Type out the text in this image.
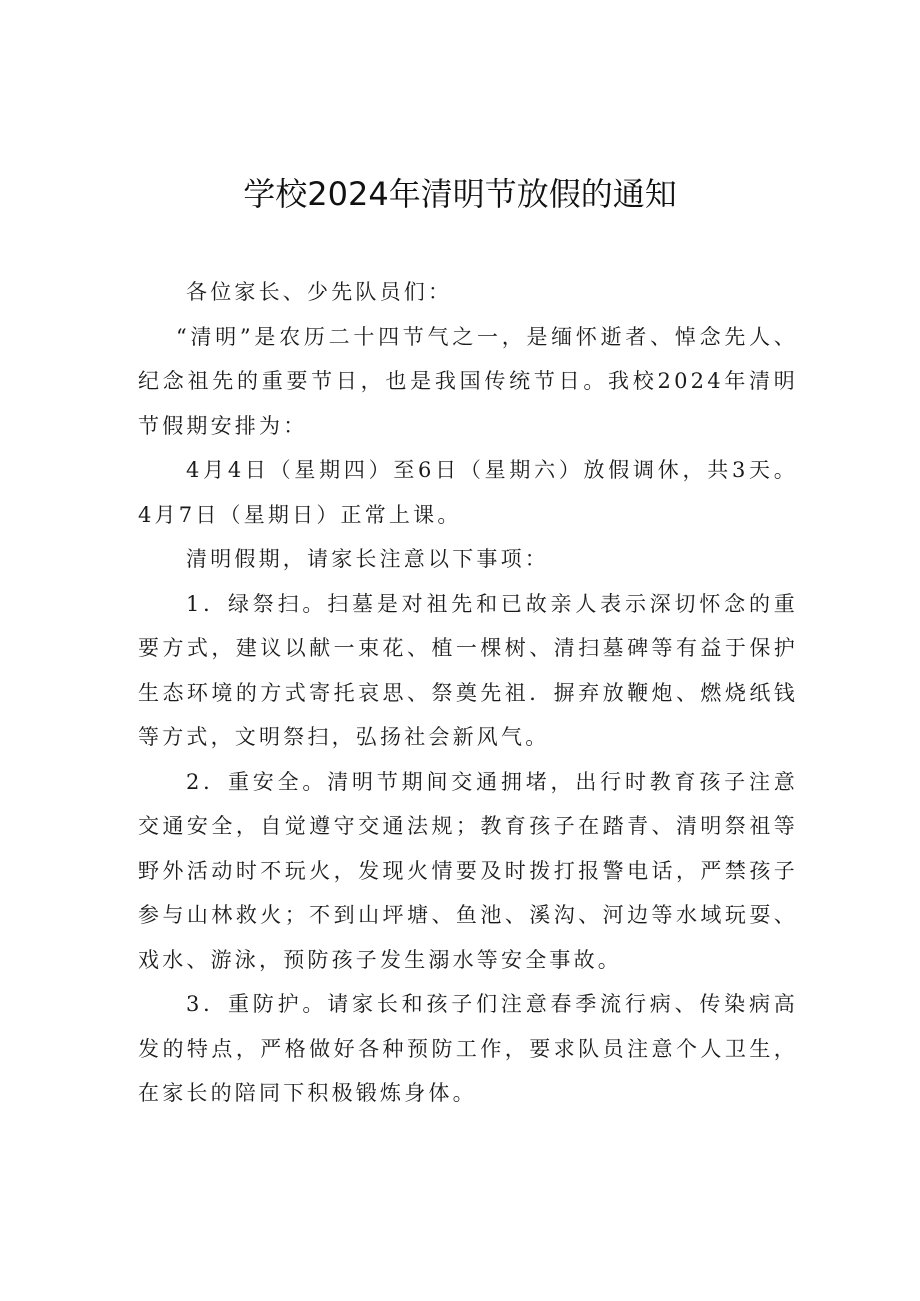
学校2024年清明节放假的通知

各位家长、少先队员们：

“清明”是农历二十四节气之一，是缅怀逝者、悼念先人、纪念祖先的重要节日，也是我国传统节日。我校2024年清明节假期安排为：

4月4日（星期四）至6日（星期六）放假调休，共3天。4月7日（星期日）正常上课。

清明假期，请家长注意以下事项：

1．绿祭扫。扫墓是对祖先和已故亲人表示深切怀念的重要方式，建议以献一束花、植一棵树、清扫墓碑等有益于保护生态环境的方式寄托哀思、祭奠先祖．摒弃放鞭炮、燃烧纸钱等方式，文明祭扫，弘扬社会新风气。

2．重安全。清明节期间交通拥堵，出行时教育孩子注意交通安全，自觉遵守交通法规；教育孩子在踏青、清明祭祖等野外活动时不玩火，发现火情要及时拨打报警电话，严禁孩子参与山林救火；不到山坪塘、鱼池、溪沟、河边等水域玩耍、戏水、游泳，预防孩子发生溺水等安全事故。

3．重防护。请家长和孩子们注意春季流行病、传染病高发的特点，严格做好各种预防工作，要求队员注意个人卫生，在家长的陪同下积极锻炼身体。
